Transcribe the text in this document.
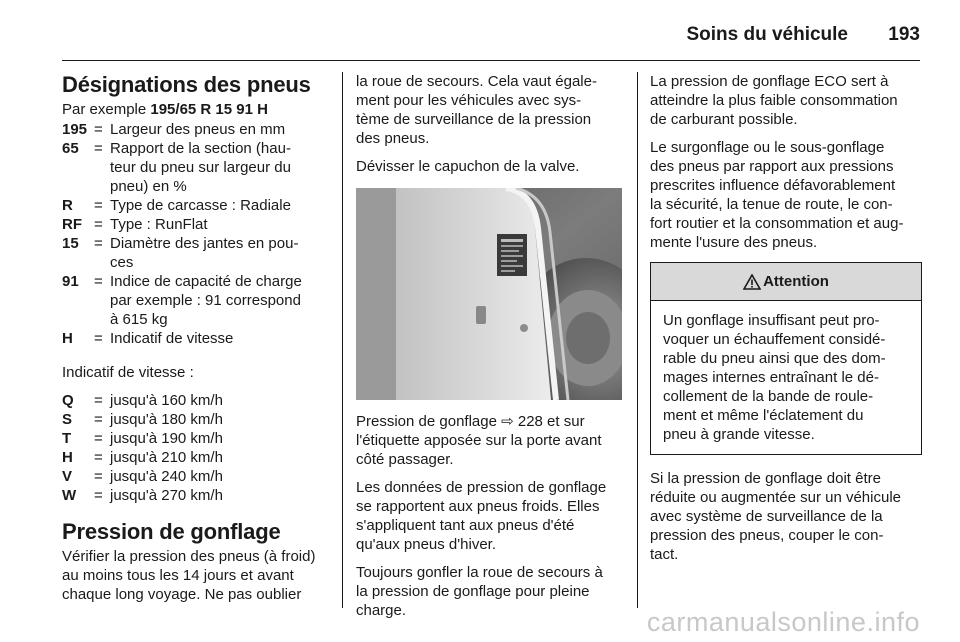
Soins du véhicule 193
Désignations des pneus
Par exemple 195/65 R 15 91 H
195 = Largeur des pneus en mm
65	= Rapport de la section (hau-
teur du pneu sur largeur du
pneu) en %
R	= Type de carcasse : Radiale
RF = Type : RunFlat
15	= Diamètre des jantes en pou-
ces
91	= Indice de capacité de charge
par exemple : 91 correspond
à 615 kg
H	= Indicatif de vitesse

Indicatif de vitesse :

Q	= jusqu'à 160 km/h
S	= jusqu'à 180 km/h
T	= jusqu'à 190 km/h
H	= jusqu'à 210 km/h
V	= jusqu'à 240 km/h
W	= jusqu'à 270 km/h
Pression de gonflage

Vérifier la pression des pneus (à froid)
au moins tous les 14 jours et avant
chaque long voyage. Ne pas oublier

la roue de secours. Cela vaut égale-
ment pour les véhicules avec sys-
tème de surveillance de la pression
des pneus.

Dévisser le capuchon de la valve.

Pression de gonflage ⇨ 228 et sur
l'étiquette apposée sur la porte avant
côté passager.

Les données de pression de gonflage
se rapportent aux pneus froids. Elles
s'appliquent tant aux pneus d'été
qu'aux pneus d'hiver.

Toujours gonfler la roue de secours à
la pression de gonflage pour pleine
charge.

La pression de gonflage ECO sert à
atteindre la plus faible consommation
de carburant possible.

Le surgonflage ou le sous-gonflage
des pneus par rapport aux pressions
prescrites influence défavorablement
la sécurité, la tenue de route, le con-
fort routier et la consommation et aug-
mente l'usure des pneus.

Attention
Un gonflage insuffisant peut pro-
voquer un échauffement considé-
rable du pneu ainsi que des dom-
mages internes entraînant le dé-
collement de la bande de roule-
ment et même l'éclatement du
pneu à grande vitesse.

Si la pression de gonflage doit être
réduite ou augmentée sur un véhicule
avec système de surveillance de la
pression des pneus, couper le con-
tact.

carmanualsonline.info
